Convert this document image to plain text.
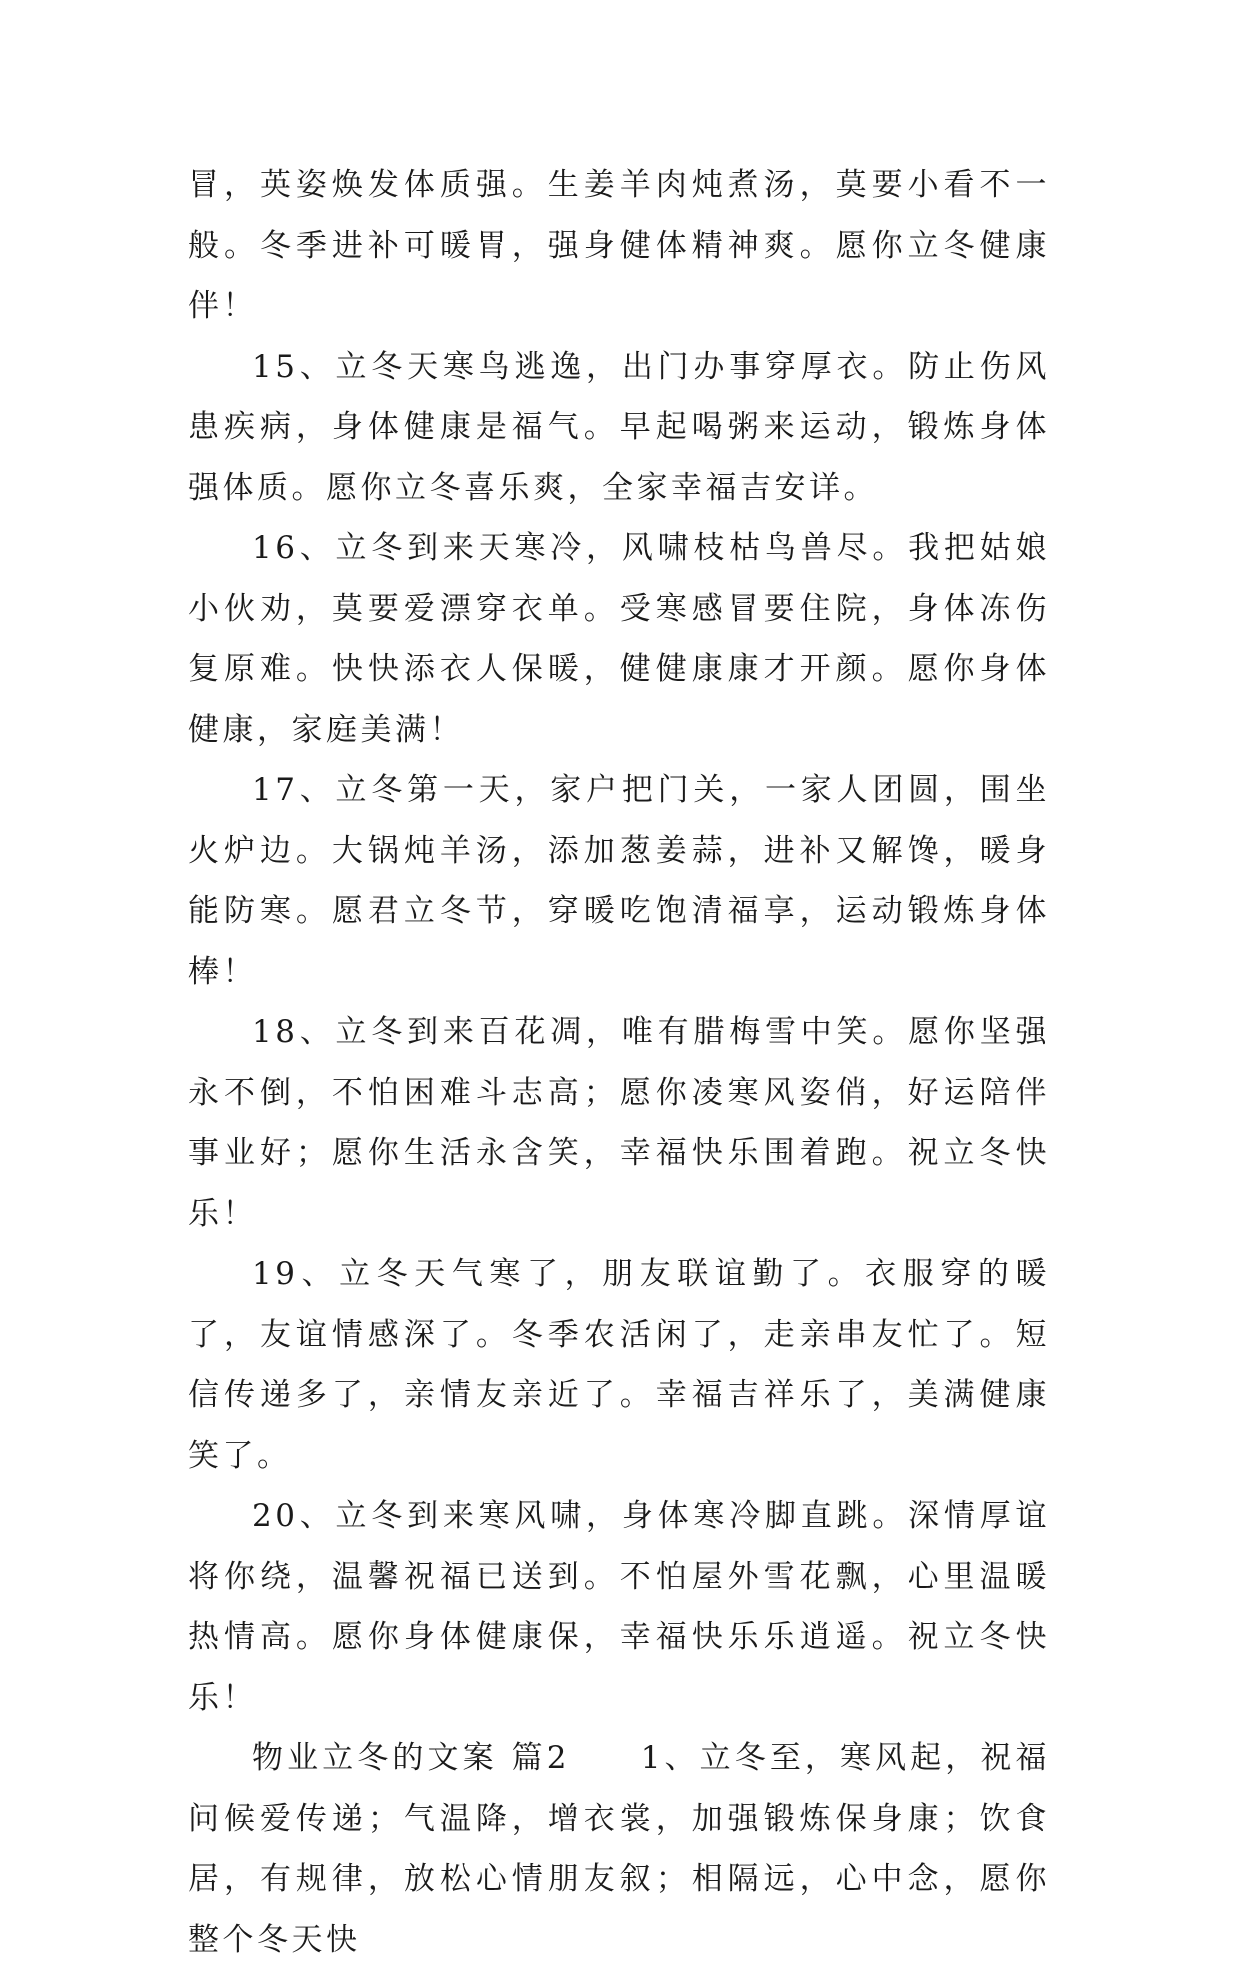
冒，英姿焕发体质强。生姜羊肉炖煮汤，莫要小看不一般。冬季进补可暖胃，强身健体精神爽。愿你立冬健康伴！

15、立冬天寒鸟逃逸，出门办事穿厚衣。防止伤风患疾病，身体健康是福气。早起喝粥来运动，锻炼身体强体质。愿你立冬喜乐爽，全家幸福吉安详。

16、立冬到来天寒冷，风啸枝枯鸟兽尽。我把姑娘小伙劝，莫要爱漂穿衣单。受寒感冒要住院，身体冻伤复原难。快快添衣人保暖，健健康康才开颜。愿你身体健康，家庭美满！

17、立冬第一天，家户把门关，一家人团圆，围坐火炉边。大锅炖羊汤，添加葱姜蒜，进补又解馋，暖身能防寒。愿君立冬节，穿暖吃饱清福享，运动锻炼身体棒！

18、立冬到来百花凋，唯有腊梅雪中笑。愿你坚强永不倒，不怕困难斗志高；愿你凌寒风姿俏，好运陪伴事业好；愿你生活永含笑，幸福快乐围着跑。祝立冬快乐！

19、立冬天气寒了，朋友联谊勤了。衣服穿的暖了，友谊情感深了。冬季农活闲了，走亲串友忙了。短信传递多了，亲情友亲近了。幸福吉祥乐了，美满健康笑了。

20、立冬到来寒风啸，身体寒冷脚直跳。深情厚谊将你绕，温馨祝福已送到。不怕屋外雪花飘，心里温暖热情高。愿你身体健康保，幸福快乐乐逍遥。祝立冬快乐！

物业立冬的文案 篇2　　1、立冬至，寒风起，祝福问候爱传递；气温降，增衣裳，加强锻炼保身康；饮食居，有规律，放松心情朋友叙；相隔远，心中念，愿你整个冬天快
